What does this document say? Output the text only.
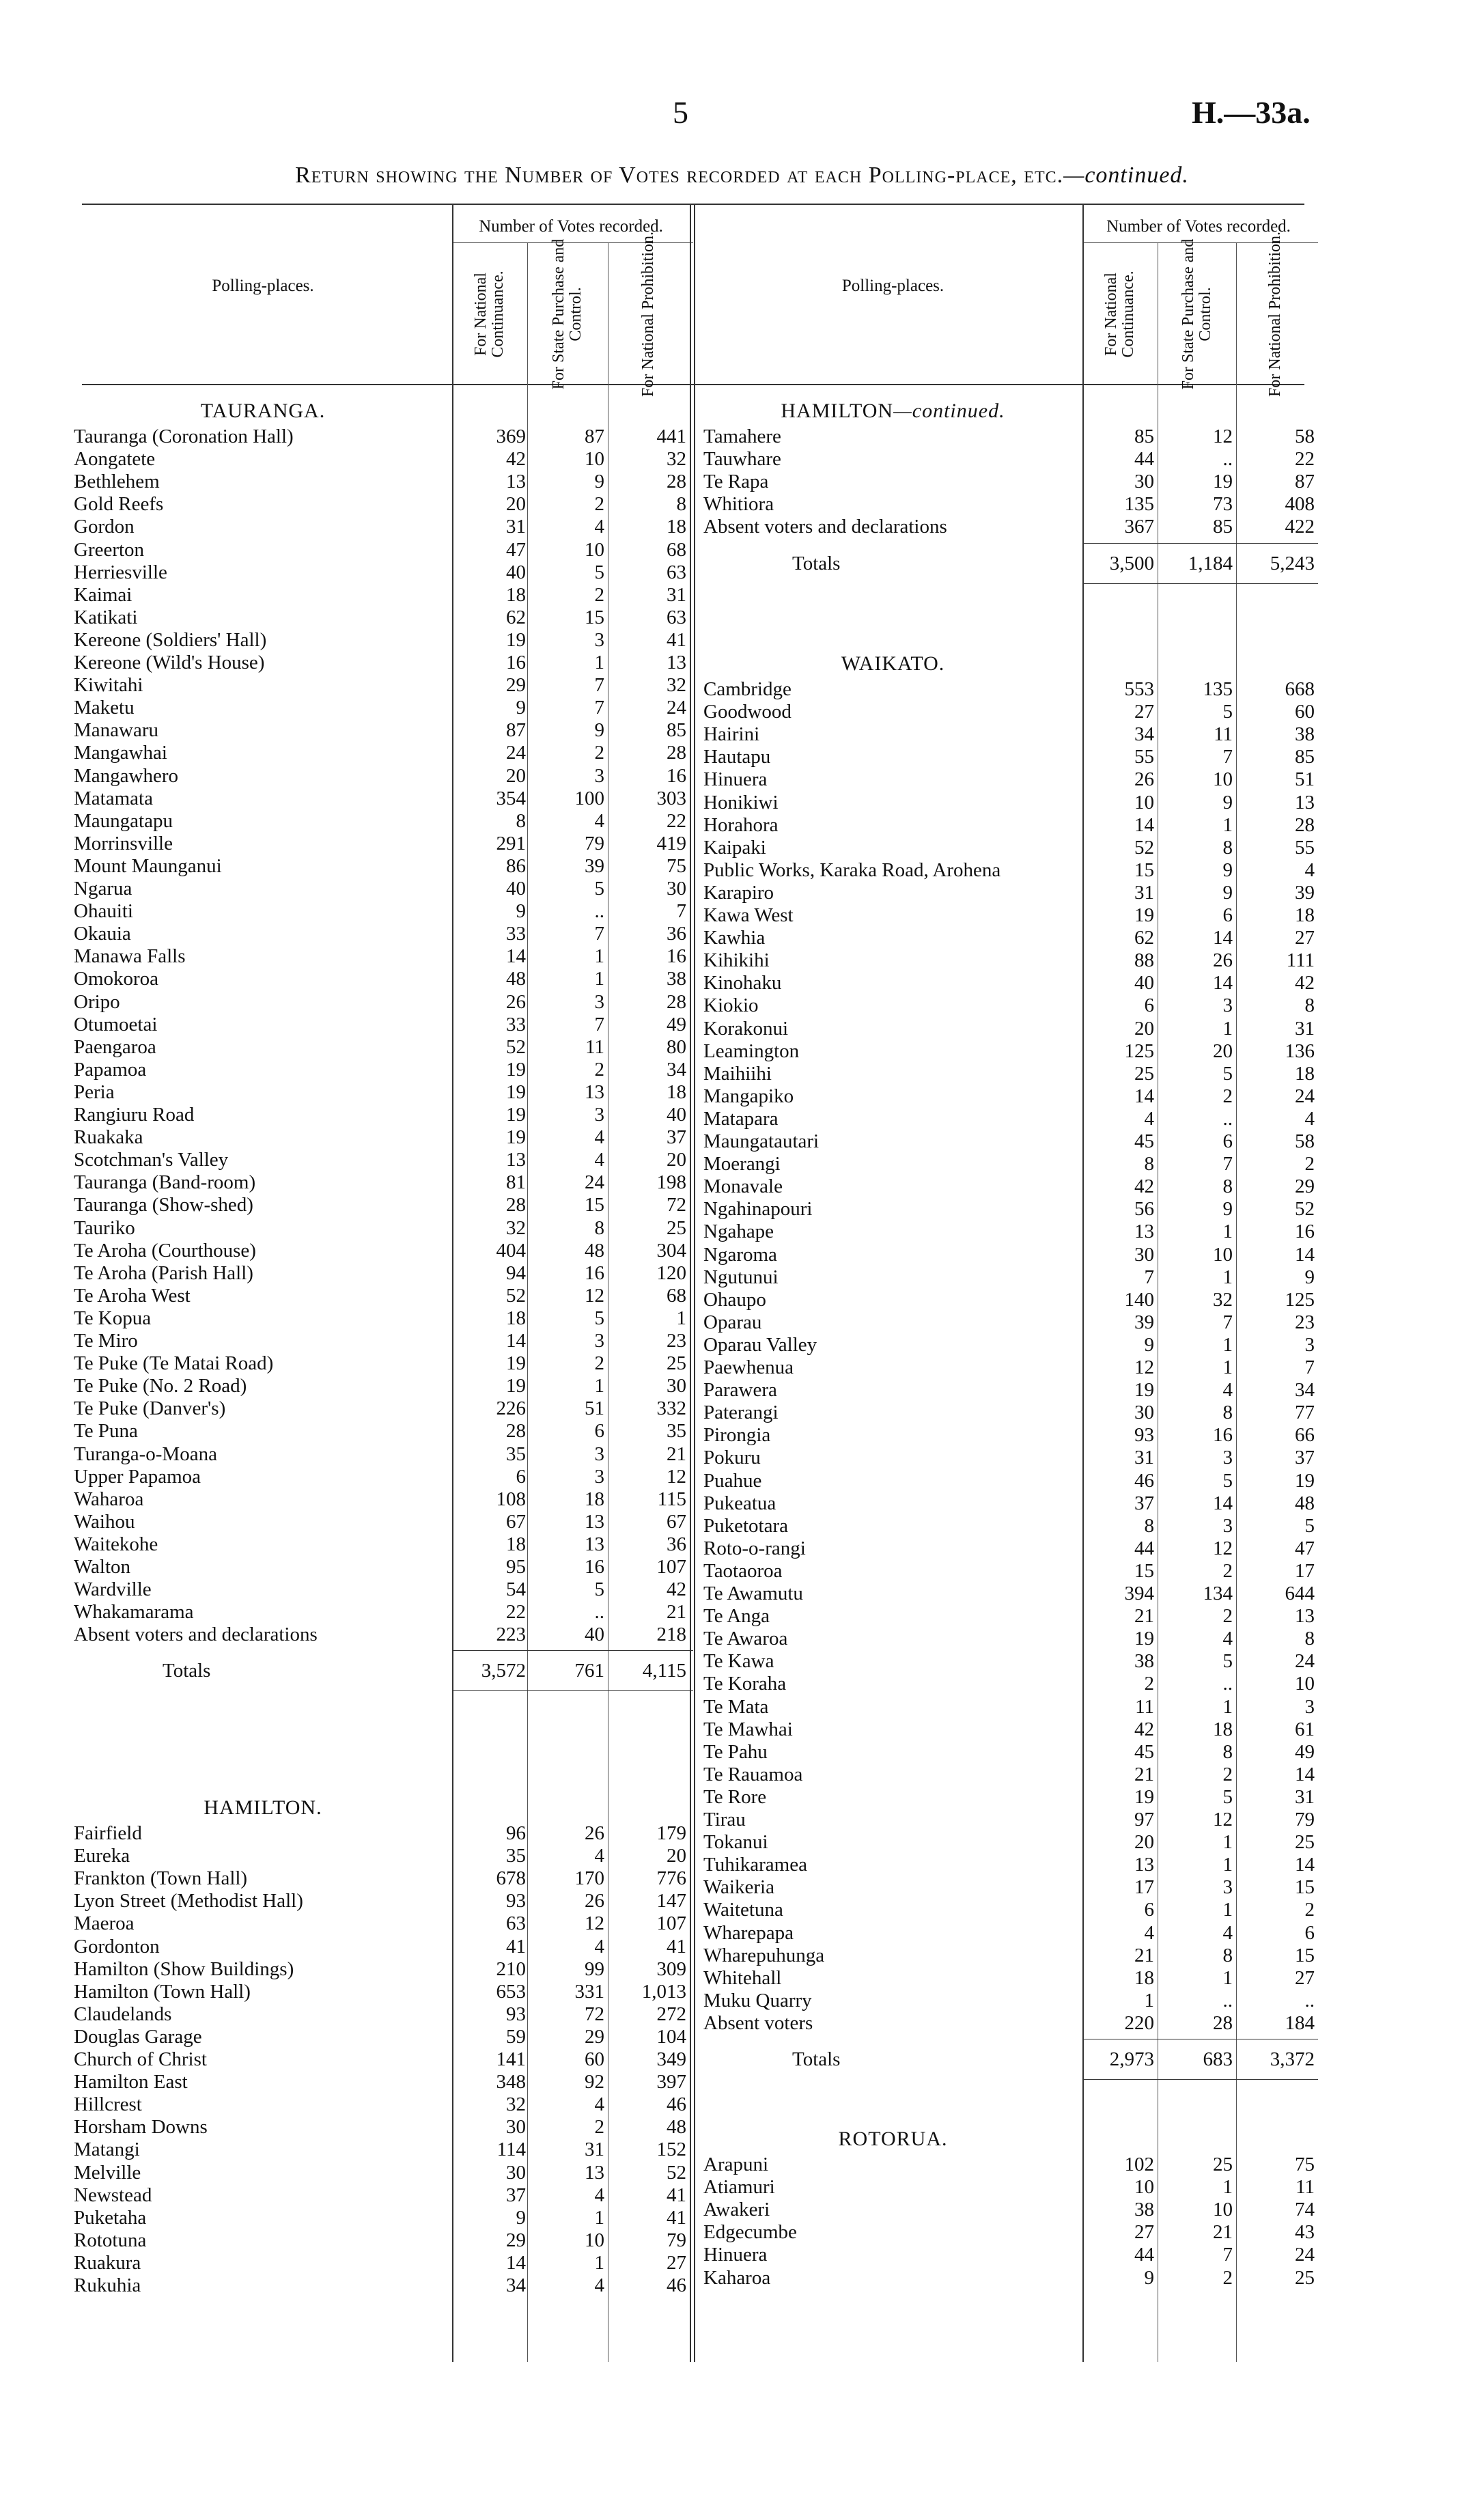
5	H.—33a.
Return showing the Number of Votes recorded at each Polling-place, etc.—continued.
Polling-places.
Number of Votes recorded.
For National Continuance.	For State Purchase and Control.	For National Prohibition.	Polling-places.
Number of Votes recorded.
For National Continuance.	For State Purchase and Control.	For National Prohibition.
TAURANGA.
Tauranga (Coronation Hall)	369	87	441
Aongatete	42	10	32
Bethlehem	13	9	28
Gold Reefs	20	2	8
Gordon	31	4	18
Greerton	47	10	68
Herriesville	40	5	63
Kaimai	18	2	31
Katikati	62	15	63
Kereone (Soldiers' Hall)	19	3	41
Kereone (Wild's House)	16	1	13
Kiwitahi	29	7	32
Maketu	9	7	24
Manawaru	87	9	85
Mangawhai	24	2	28
Mangawhero	20	3	16
Matamata	354	100	303
Maungatapu	8	4	22
Morrinsville	291	79	419
Mount Maunganui	86	39	75
Ngarua	40	5	30
Ohauiti	9	..	7
Okauia	33	7	36
Manawa Falls	14	1	16
Omokoroa	48	1	38
Oripo	26	3	28
Otumoetai	33	7	49
Paengaroa	52	11	80
Papamoa	19	2	34
Peria	19	13	18
Rangiuru Road	19	3	40
Ruakaka	19	4	37
Scotchman's Valley	13	4	20
Tauranga (Band-room)	81	24	198
Tauranga (Show-shed)	28	15	72
Tauriko	32	8	25
Te Aroha (Courthouse)	404	48	304
Te Aroha (Parish Hall)	94	16	120
Te Aroha West	52	12	68
Te Kopua	18	5	1
Te Miro	14	3	23
Te Puke (Te Matai Road)	19	2	25
Te Puke (No. 2 Road)	19	1	30
Te Puke (Danver's)	226	51	332
Te Puna	28	6	35
Turanga-o-Moana	35	3	21
Upper Papamoa	6	3	12
Waharoa	108	18	115
Waihou	67	13	67
Waitekohe	18	13	36
Walton	95	16	107
Wardville	54	5	42
Whakamarama	22	..	21
Absent voters and declarations	223	40	218
Totals	3,572	761	4,115
HAMILTON.
Fairfield	96	26	179
Eureka	35	4	20
Frankton (Town Hall)	678	170	776
Lyon Street (Methodist Hall)	93	26	147
Maeroa	63	12	107
Gordonton	41	4	41
Hamilton (Show Buildings)	210	99	309
Hamilton (Town Hall)	653	331	1,013
Claudelands	93	72	272
Douglas Garage	59	29	104
Church of Christ	141	60	349
Hamilton East	348	92	397
Hillcrest	32	4	46
Horsham Downs	30	2	48
Matangi	114	31	152
Melville	30	13	52
Newstead	37	4	41
Puketaha	9	1	41
Rototuna	29	10	79
Ruakura	14	1	27
Rukuhia	34	4	46
HAMILTON—continued.
Tamahere	85	12	58
Tauwhare	44	..	22
Te Rapa	30	19	87
Whitiora	135	73	408
Absent voters and declarations	367	85	422
Totals	3,500	1,184	5,243
WAIKATO.
Cambridge	553	135	668
Goodwood	27	5	60
Hairini	34	11	38
Hautapu	55	7	85
Hinuera	26	10	51
Honikiwi	10	9	13
Horahora	14	1	28
Kaipaki	52	8	55
Public Works, Karaka Road, Arohena	15	9	4
Karapiro	31	9	39
Kawa West	19	6	18
Kawhia	62	14	27
Kihikihi	88	26	111
Kinohaku	40	14	42
Kiokio	6	3	8
Korakonui	20	1	31
Leamington	125	20	136
Maihiihi	25	5	18
Mangapiko	14	2	24
Matapara	4	..	4
Maungatautari	45	6	58
Moerangi	8	7	2
Monavale	42	8	29
Ngahinapouri	56	9	52
Ngahape	13	1	16
Ngaroma	30	10	14
Ngutunui	7	1	9
Ohaupo	140	32	125
Oparau	39	7	23
Oparau Valley	9	1	3
Paewhenua	12	1	7
Parawera	19	4	34
Paterangi	30	8	77
Pirongia	93	16	66
Pokuru	31	3	37
Puahue	46	5	19
Pukeatua	37	14	48
Puketotara	8	3	5
Roto-o-rangi	44	12	47
Taotaoroa	15	2	17
Te Awamutu	394	134	644
Te Anga	21	2	13
Te Awaroa	19	4	8
Te Kawa	38	5	24
Te Koraha	2	..	10
Te Mata	11	1	3
Te Mawhai	42	18	61
Te Pahu	45	8	49
Te Rauamoa	21	2	14
Te Rore	19	5	31
Tirau	97	12	79
Tokanui	20	1	25
Tuhikaramea	13	1	14
Waikeria	17	3	15
Waitetuna	6	1	2
Wharepapa	4	4	6
Wharepuhunga	21	8	15
Whitehall	18	1	27
Muku Quarry	1	..	..
Absent voters	220	28	184
Totals	2,973	683	3,372
ROTORUA.
Arapuni	102	25	75
Atiamuri	10	1	11
Awakeri	38	10	74
Edgecumbe	27	21	43
Hinuera	44	7	24
Kaharoa	9	2	25
